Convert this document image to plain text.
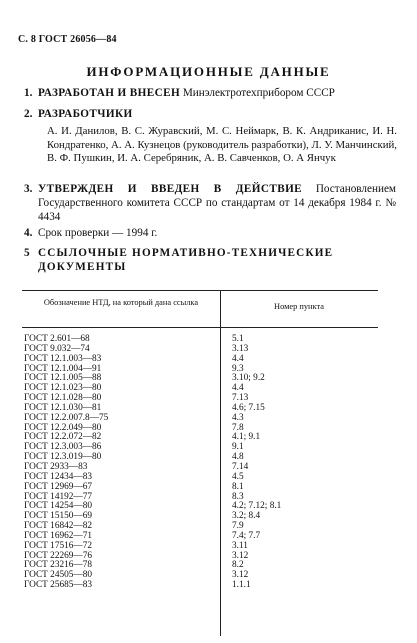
С. 8 ГОСТ 26056—84
ИНФОРМАЦИОННЫЕ ДАННЫЕ
1. РАЗРАБОТАН И ВНЕСЕН Минэлектротехприбором СССР
2. РАЗРАБОТЧИКИ
А. И. Данилов, В. С. Журавский, М. С. Неймарк, В. К. Андриканис, И. Н. Кондратенко, А. А. Кузнецов (руководитель разработки), Л. У. Манчинский, В. Ф. Пушкин, И. А. Серебряник, А. В. Савченков, О. А Янчук
3. УТВЕРЖДЕН И ВВЕДЕН В ДЕЙСТВИЕ Постановлением Государственного комитета СССР по стандартам от 14 декабря 1984 г. № 4434
4. Срок проверки — 1994 г.
5 ССЫЛОЧНЫЕ НОРМАТИВНО-ТЕХНИЧЕСКИЕ ДОКУМЕНТЫ
Обозначение НТД, на который дана ссылка	Номер пункта
ГОСТ 2.601—68	5.1
ГОСТ 9.032—74	3.13
ГОСТ 12.1.003—83	4.4
ГОСТ 12.1.004—91	9.3
ГОСТ 12.1.005—88	3.10; 9.2
ГОСТ 12.1.023—80	4.4
ГОСТ 12.1.028—80	7.13
ГОСТ 12.1.030—81	4.6; 7.15
ГОСТ 12.2.007.8—75	4.3
ГОСТ 12.2.049—80	7.8
ГОСТ 12.2.072—82	4.1; 9.1
ГОСТ 12.3.003—86	9.1
ГОСТ 12.3.019—80	4.8
ГОСТ 2933—83	7.14
ГОСТ 12434—83	4.5
ГОСТ 12969—67	8.1
ГОСТ 14192—77	8.3
ГОСТ 14254—80	4.2; 7.12; 8.1
ГОСТ 15150—69	3.2; 8.4
ГОСТ 16842—82	7.9
ГОСТ 16962—71	7.4; 7.7
ГОСТ 17516—72	3.11
ГОСТ 22269—76	3.12
ГОСТ 23216—78	8.2
ГОСТ 24505—80	3.12
ГОСТ 25685—83	1.1.1
